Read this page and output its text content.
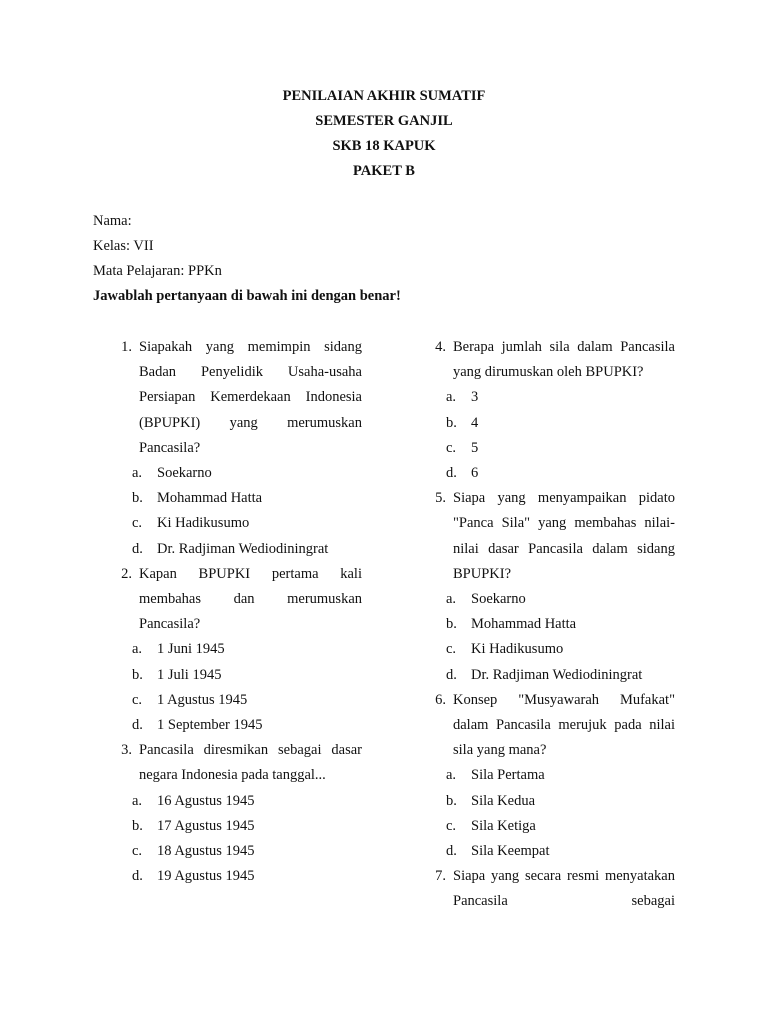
PENILAIAN AKHIR SUMATIF
SEMESTER GANJIL
SKB 18 KAPUK
PAKET B
Nama:
Kelas: VII
Mata Pelajaran: PPKn
Jawablah pertanyaan di bawah ini dengan benar!
1. Siapakah yang memimpin sidang Badan Penyelidik Usaha-usaha Persiapan Kemerdekaan Indonesia (BPUPKI) yang merumuskan Pancasila?
a.	Soekarno
b. Mohammad Hatta
c.	Ki Hadikusumo
d. Dr. Radjiman Wediodiningrat
2. Kapan BPUPKI pertama kali membahas dan merumuskan Pancasila?
a.	1 Juni 1945
b. 1 Juli 1945
c.	1 Agustus 1945
d. 1 September 1945
3. Pancasila diresmikan sebagai dasar negara Indonesia pada tanggal...
a.	16 Agustus 1945
b. 17 Agustus 1945
c.	18 Agustus 1945
d. 19 Agustus 1945
4. Berapa jumlah sila dalam Pancasila yang dirumuskan oleh BPUPKI?
a.	3
b. 4
c.	5
d. 6
5. Siapa yang menyampaikan pidato "Panca Sila" yang membahas nilai-nilai dasar Pancasila dalam sidang BPUPKI?
a.	Soekarno
b. Mohammad Hatta
c.	Ki Hadikusumo
d. Dr. Radjiman Wediodiningrat
6. Konsep "Musyawarah Mufakat" dalam Pancasila merujuk pada nilai sila yang mana?
a.	Sila Pertama
b. Sila Kedua
c.	Sila Ketiga
d. Sila Keempat
7. Siapa yang secara resmi menyatakan Pancasila sebagai
